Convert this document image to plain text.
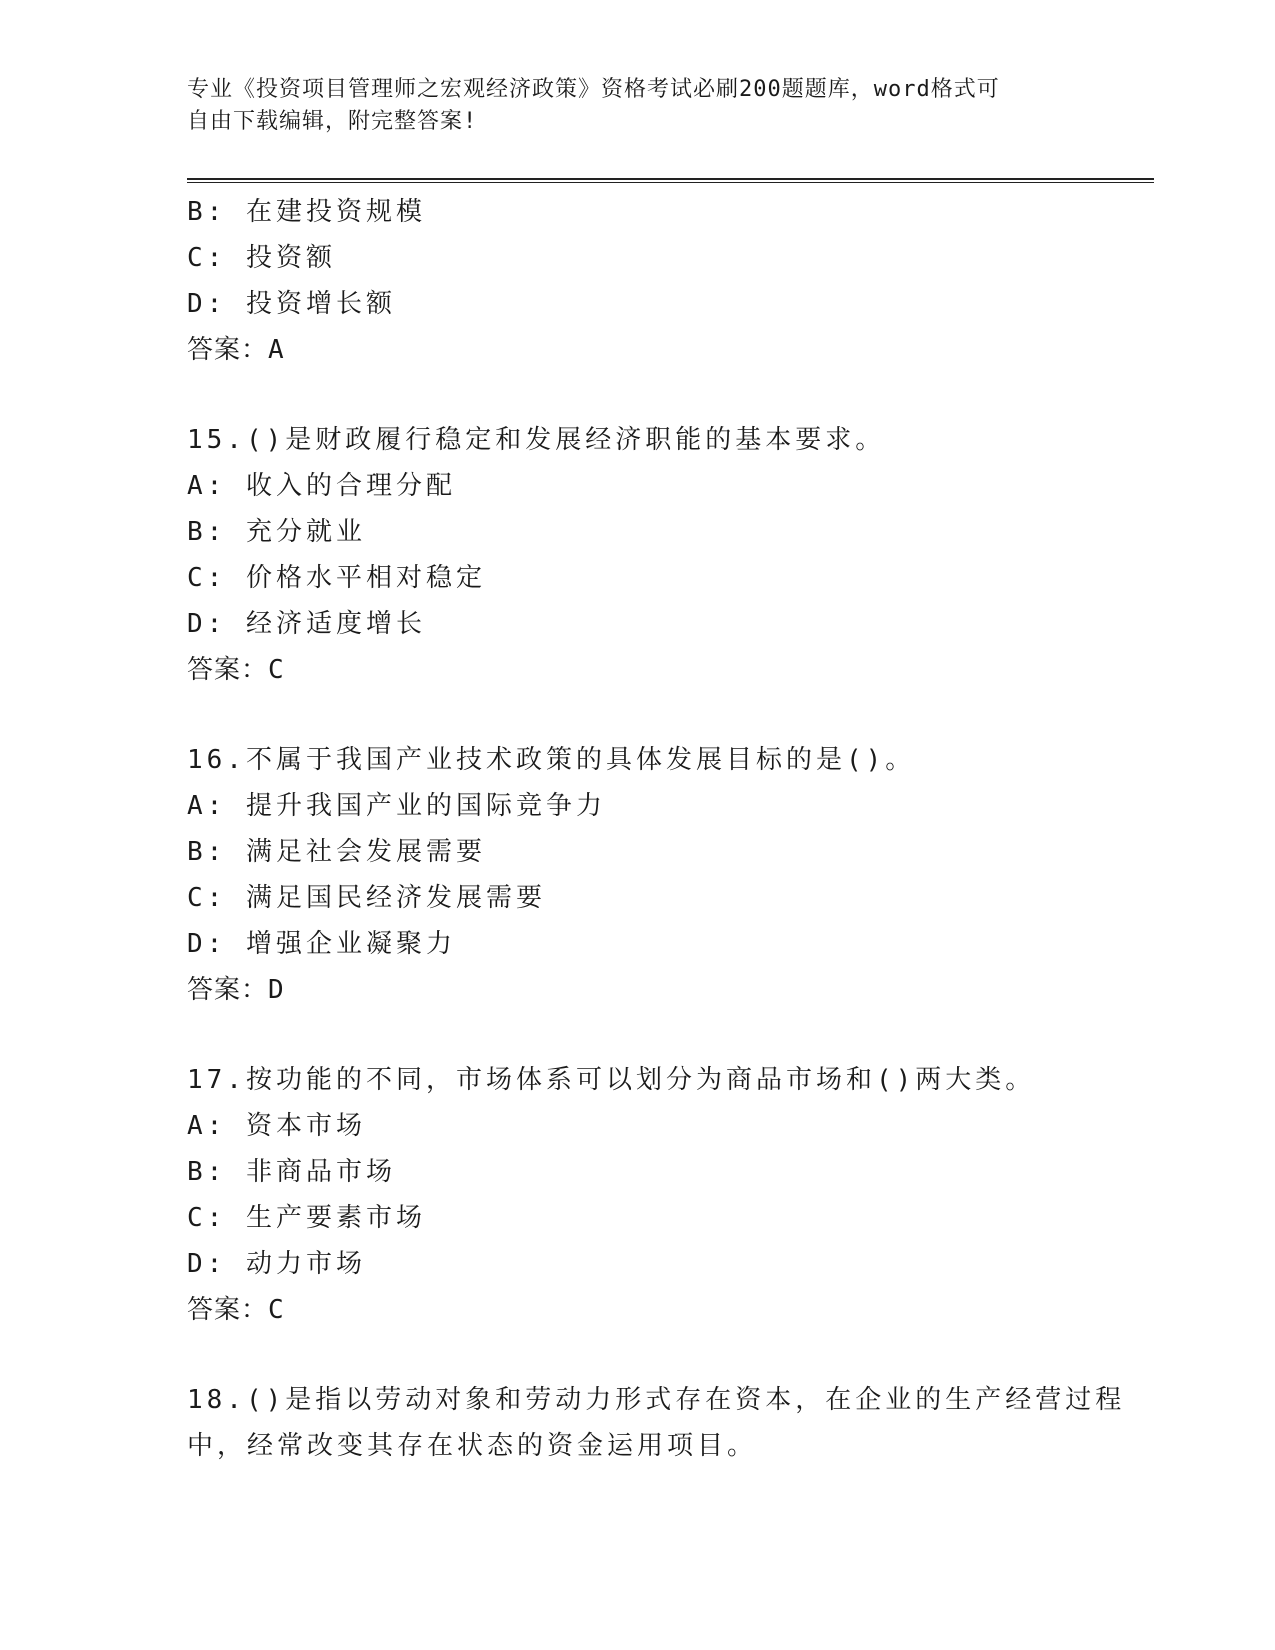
专业《投资项目管理师之宏观经济政策》资格考试必刷200题题库，word格式可
自由下载编辑，附完整答案!
B: 在建投资规模
C: 投资额
D: 投资增长额
答案：A
15.()是财政履行稳定和发展经济职能的基本要求。
A: 收入的合理分配
B: 充分就业
C: 价格水平相对稳定
D: 经济适度增长
答案：C
16.不属于我国产业技术政策的具体发展目标的是()。
A: 提升我国产业的国际竞争力
B: 满足社会发展需要
C: 满足国民经济发展需要
D: 增强企业凝聚力
答案：D
17.按功能的不同，市场体系可以划分为商品市场和()两大类。
A: 资本市场
B: 非商品市场
C: 生产要素市场
D: 动力市场
答案：C
18.()是指以劳动对象和劳动力形式存在资本，在企业的生产经营过程
中，经常改变其存在状态的资金运用项目。
